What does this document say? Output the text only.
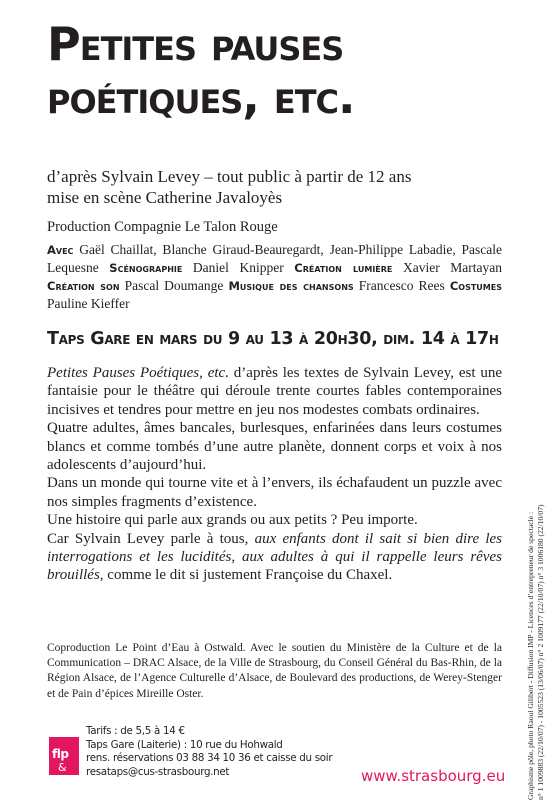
Petites pauses
poétiques, etc.
d’après Sylvain Levey – tout public à partir de 12 ans
mise en scène Catherine Javaloyès
Production Compagnie Le Talon Rouge
Avec Gaël Chaillat, Blanche Giraud-Beauregardt, Jean-Philippe Labadie, Pascale Lequesne Scénographie Daniel Knipper Création lumière Xavier Martayan Création son Pascal Doumange Musique des chansons Francesco Rees Costumes Pauline Kieffer
Taps Gare en mars du 9 au 13 à 20h30, dim. 14 à 17h

Petites Pauses Poétiques, etc. d’après les textes de Sylvain Levey, est une fantaisie pour le théâtre qui déroule trente courtes fables contemporaines incisives et tendres pour mettre en jeu nos modestes combats ordinaires.

Quatre adultes, âmes bancales, burlesques, enfarinées dans leurs costumes blancs et comme tombés d’une autre planète, donnent corps et voix à nos adolescents d’aujourd’hui.

Dans un monde qui tourne vite et à l’envers, ils échafaudent un puzzle avec nos simples fragments d’existence.

Une histoire qui parle aux grands ou aux petits ? Peu importe.

Car Sylvain Levey parle à tous, aux enfants dont il sait si bien dire les interrogations et les lucidités, aux adultes à qui il rappelle leurs rêves brouillés, comme le dit si justement Françoise du Chaxel.

Coproduction Le Point d’Eau à Ostwald. Avec le soutien du Ministère de la Culture et de la Communication – DRAC Alsace, de la Ville de Strasbourg, du Conseil Général du Bas-Rhin, de la Région Alsace, de l’Agence Culturelle d’Alsace, de Boulevard des productions, de Werey-Stenger et de Pain d’épices Mireille Oster.
flp
&
Tarifs : de 5,5 à 14 €
Taps Gare (Laiterie) : 10 rue du Hohwald
rens. réservations 03 88 34 10 36 et caisse du soir
resataps@cus-strasbourg.net	www.strasbourg.eu	Graphisme pôle, photo Raoul Gilibert - Diffusion IMP - Licences d’entrepreneur de spectacle : n° 1 1009883 (22/10/07) - 1005523 (13/06/07) n° 2 1009177 (22/10/07) n° 3 1006180 (22/10/07)
